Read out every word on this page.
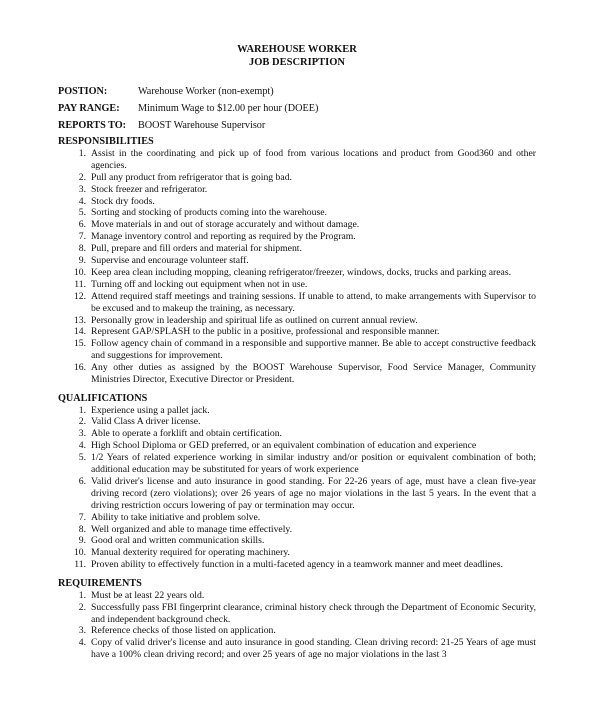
WAREHOUSE WORKER
JOB DESCRIPTION
POSTION:	Warehouse Worker (non-exempt)
PAY RANGE:	Minimum Wage to $12.00 per hour (DOEE)
REPORTS TO:	BOOST Warehouse Supervisor
RESPONSIBILITIES
1. Assist in the coordinating and pick up of food from various locations and product from Good360 and other agencies.
2. Pull any product from refrigerator that is going bad.
3. Stock freezer and refrigerator.
4. Stock dry foods.
5. Sorting and stocking of products coming into the warehouse.
6. Move materials in and out of storage accurately and without damage.
7. Manage inventory control and reporting as required by the Program.
8. Pull, prepare and fill orders and material for shipment.
9. Supervise and encourage volunteer staff.
10. Keep area clean including mopping, cleaning refrigerator/freezer, windows, docks, trucks and parking areas.
11. Turning off and locking out equipment when not in use.
12. Attend required staff meetings and training sessions. If unable to attend, to make arrangements with Supervisor to be excused and to makeup the training, as necessary.
13. Personally grow in leadership and spiritual life as outlined on current annual review.
14. Represent GAP/SPLASH to the public in a positive, professional and responsible manner.
15. Follow agency chain of command in a responsible and supportive manner. Be able to accept constructive feedback and suggestions for improvement.
16. Any other duties as assigned by the BOOST Warehouse Supervisor, Food Service Manager, Community Ministries Director, Executive Director or President.
QUALIFICATIONS
1. Experience using a pallet jack.
2. Valid Class A driver license.
3. Able to operate a forklift and obtain certification.
4. High School Diploma or GED preferred, or an equivalent combination of education and experience
5. 1/2 Years of related experience working in similar industry and/or position or equivalent combination of both; additional education may be substituted for years of work experience
6. Valid driver's license and auto insurance in good standing. For 22-26 years of age, must have a clean five-year driving record (zero violations); over 26 years of age no major violations in the last 5 years. In the event that a driving restriction occurs lowering of pay or termination may occur.
7. Ability to take initiative and problem solve.
8. Well organized and able to manage time effectively.
9. Good oral and written communication skills.
10. Manual dexterity required for operating machinery.
11. Proven ability to effectively function in a multi-faceted agency in a teamwork manner and meet deadlines.
REQUIREMENTS
1. Must be at least 22 years old.
2. Successfully pass FBI fingerprint clearance, criminal history check through the Department of Economic Security, and independent background check.
3. Reference checks of those listed on application.
4. Copy of valid driver's license and auto insurance in good standing. Clean driving record: 21-25 Years of age must have a 100% clean driving record; and over 25 years of age no major violations in the last 3
